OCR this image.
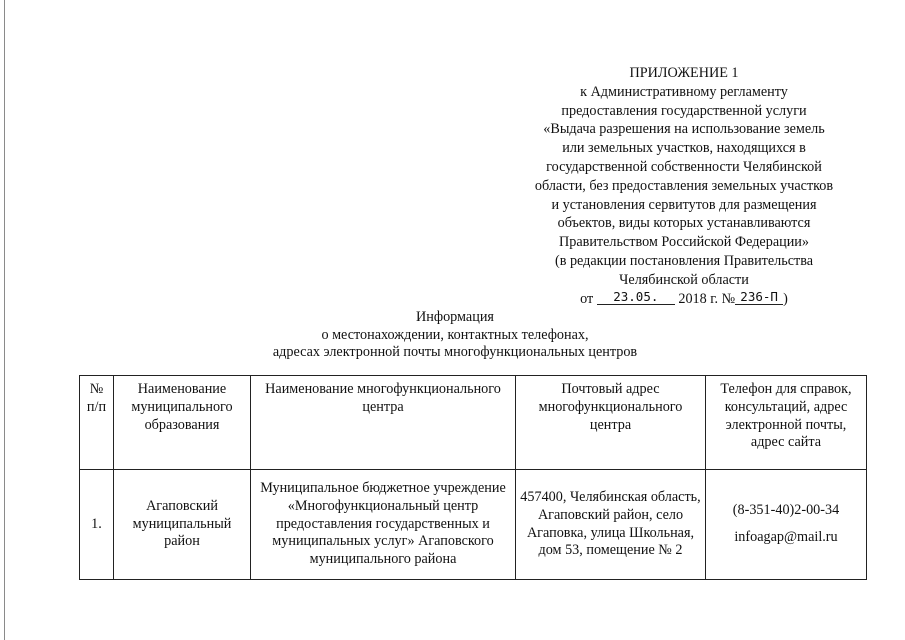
ПРИЛОЖЕНИЕ 1
к Административному регламенту
предоставления государственной услуги
«Выдача разрешения на использование земель
или земельных участков, находящихся в
государственной собственности Челябинской
области, без предоставления земельных участков
и установления сервитутов для размещения
объектов, виды которых устанавливаются
Правительством Российской Федерации»
(в редакции постановления Правительства
Челябинской области
от 23.05. 2018 г. № 236-П )
Информация
о местонахождении, контактных телефонах,
адресах электронной почты многофункциональных центров
№ п/п	Наименование муниципального образования	Наименование многофункционального центра	Почтовый адрес многофункционального центра	Телефон для справок, консультаций, адрес электронной почты, адрес сайта
1.	Агаповский муниципальный район	Муниципальное бюджетное учреждение «Многофункциональный центр предоставления государственных и муниципальных услуг» Агаповского муниципального района	457400, Челябинская область, Агаповский район, село Агаповка, улица Школьная, дом 53, помещение № 2	(8-351-40)2-00-34
infoagap@mail.ru
